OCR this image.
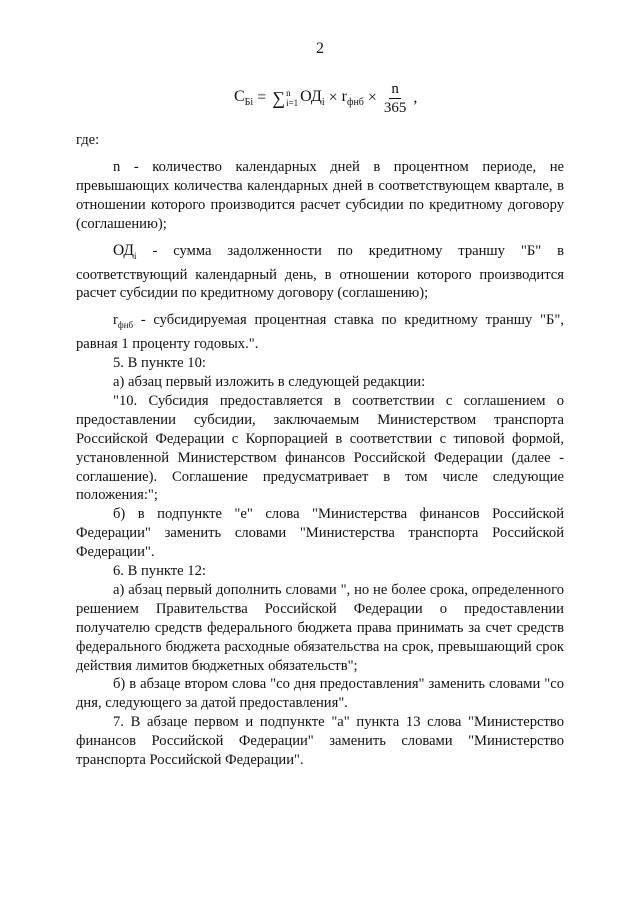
2
$С_{Бi}$ = ∑ n
i=1 $ОД_i \times r_{фнб} \times \frac{n}{365}$ ,

где:

n - количество календарных дней в процентном периоде, не превышающих количества календарных дней в соответствующем квартале, в отношении которого производится расчет субсидии по кредитному договору (соглашению);

$ОД_i$ - сумма задолженности по кредитному траншу "Б" в соответствующий календарный день, в отношении которого производится расчет субсидии по кредитному договору (соглашению);

$r_{фнб}$ - субсидируемая процентная ставка по кредитному траншу "Б", равная 1 проценту годовых.".

5. В пункте 10:

а) абзац первый изложить в следующей редакции:

"10. Субсидия предоставляется в соответствии с соглашением о предоставлении субсидии, заключаемым Министерством транспорта Российской Федерации с Корпорацией в соответствии с типовой формой, установленной Министерством финансов Российской Федерации (далее - соглашение). Соглашение предусматривает в том числе следующие положения:";

б) в подпункте "е" слова "Министерства финансов Российской Федерации" заменить словами "Министерства транспорта Российской Федерации".

6. В пункте 12:

а) абзац первый дополнить словами ", но не более срока, определенного решением Правительства Российской Федерации о предоставлении получателю средств федерального бюджета права принимать за счет средств федерального бюджета расходные обязательства на срок, превышающий срок действия лимитов бюджетных обязательств";

б) в абзаце втором слова "со дня предоставления" заменить словами "со дня, следующего за датой предоставления".

7. В абзаце первом и подпункте "а" пункта 13 слова "Министерство финансов Российской Федерации" заменить словами "Министерство транспорта Российской Федерации".
